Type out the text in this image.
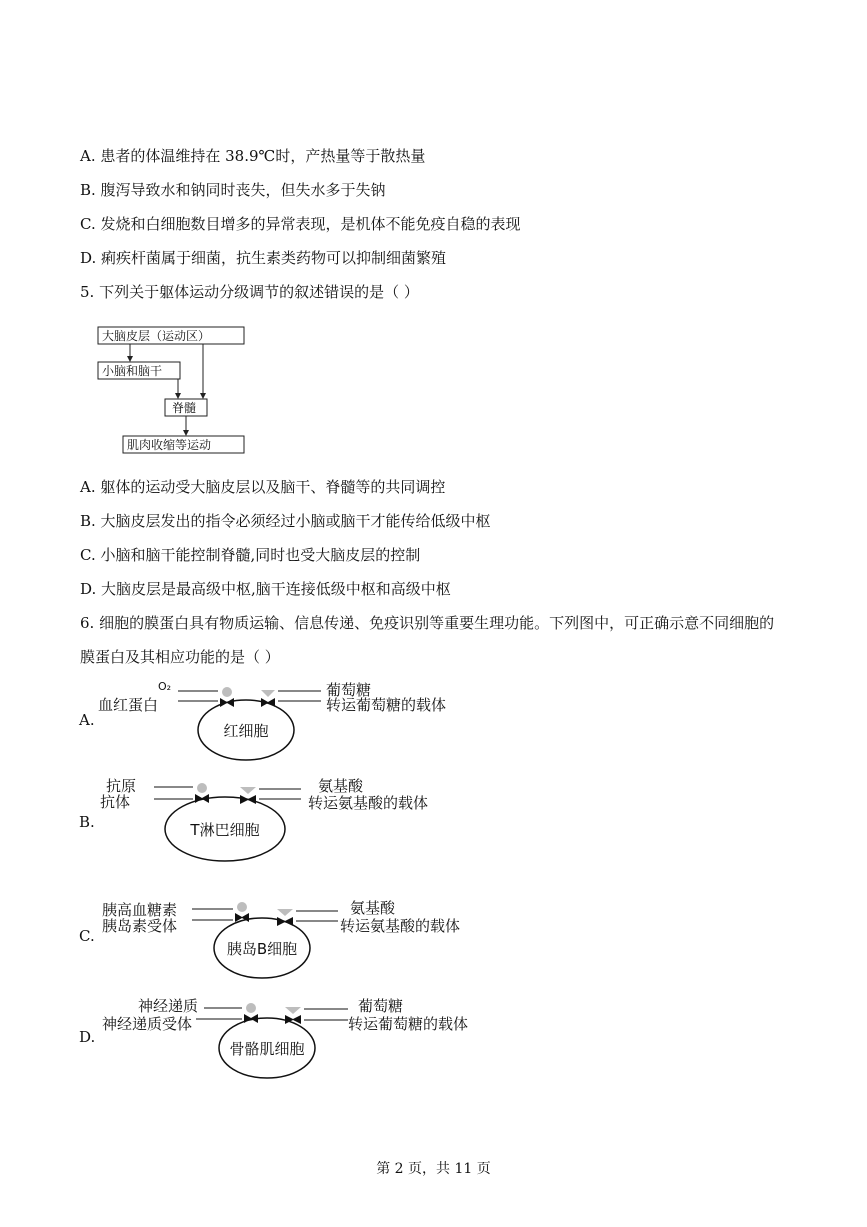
A. 患者的体温维持在 38.9℃时，产热量等于散热量
B. 腹泻导致水和钠同时丧失，但失水多于失钠
C. 发烧和白细胞数目增多的异常表现，是机体不能免疫自稳的表现
D. 痢疾杆菌属于细菌，抗生素类药物可以抑制细菌繁殖
5. 下列关于躯体运动分级调节的叙述错误的是（ ）
大脑皮层（运动区）
小脑和脑干
脊髓
肌肉收缩等运动
A. 躯体的运动受大脑皮层以及脑干、脊髓等的共同调控
B. 大脑皮层发出的指令必须经过小脑或脑干才能传给低级中枢
C. 小脑和脑干能控制脊髓,同时也受大脑皮层的控制
D. 大脑皮层是最高级中枢,脑干连接低级中枢和高级中枢
6. 细胞的膜蛋白具有物质运输、信息传递、免疫识别等重要生理功能。下列图中，可正确示意不同细胞的
膜蛋白及其相应功能的是（ ）
A.
红细胞
O₂
血红蛋白
葡萄糖
转运葡萄糖的载体
B.	T淋巴细胞
抗原
抗体
氨基酸
转运氨基酸的载体
C.
胰岛B细胞
胰高血糖素
胰岛素受体
氨基酸
转运氨基酸的载体
D.
骨骼肌细胞
神经递质
神经递质受体
葡萄糖
转运葡萄糖的载体
第 2 页，共 11 页
